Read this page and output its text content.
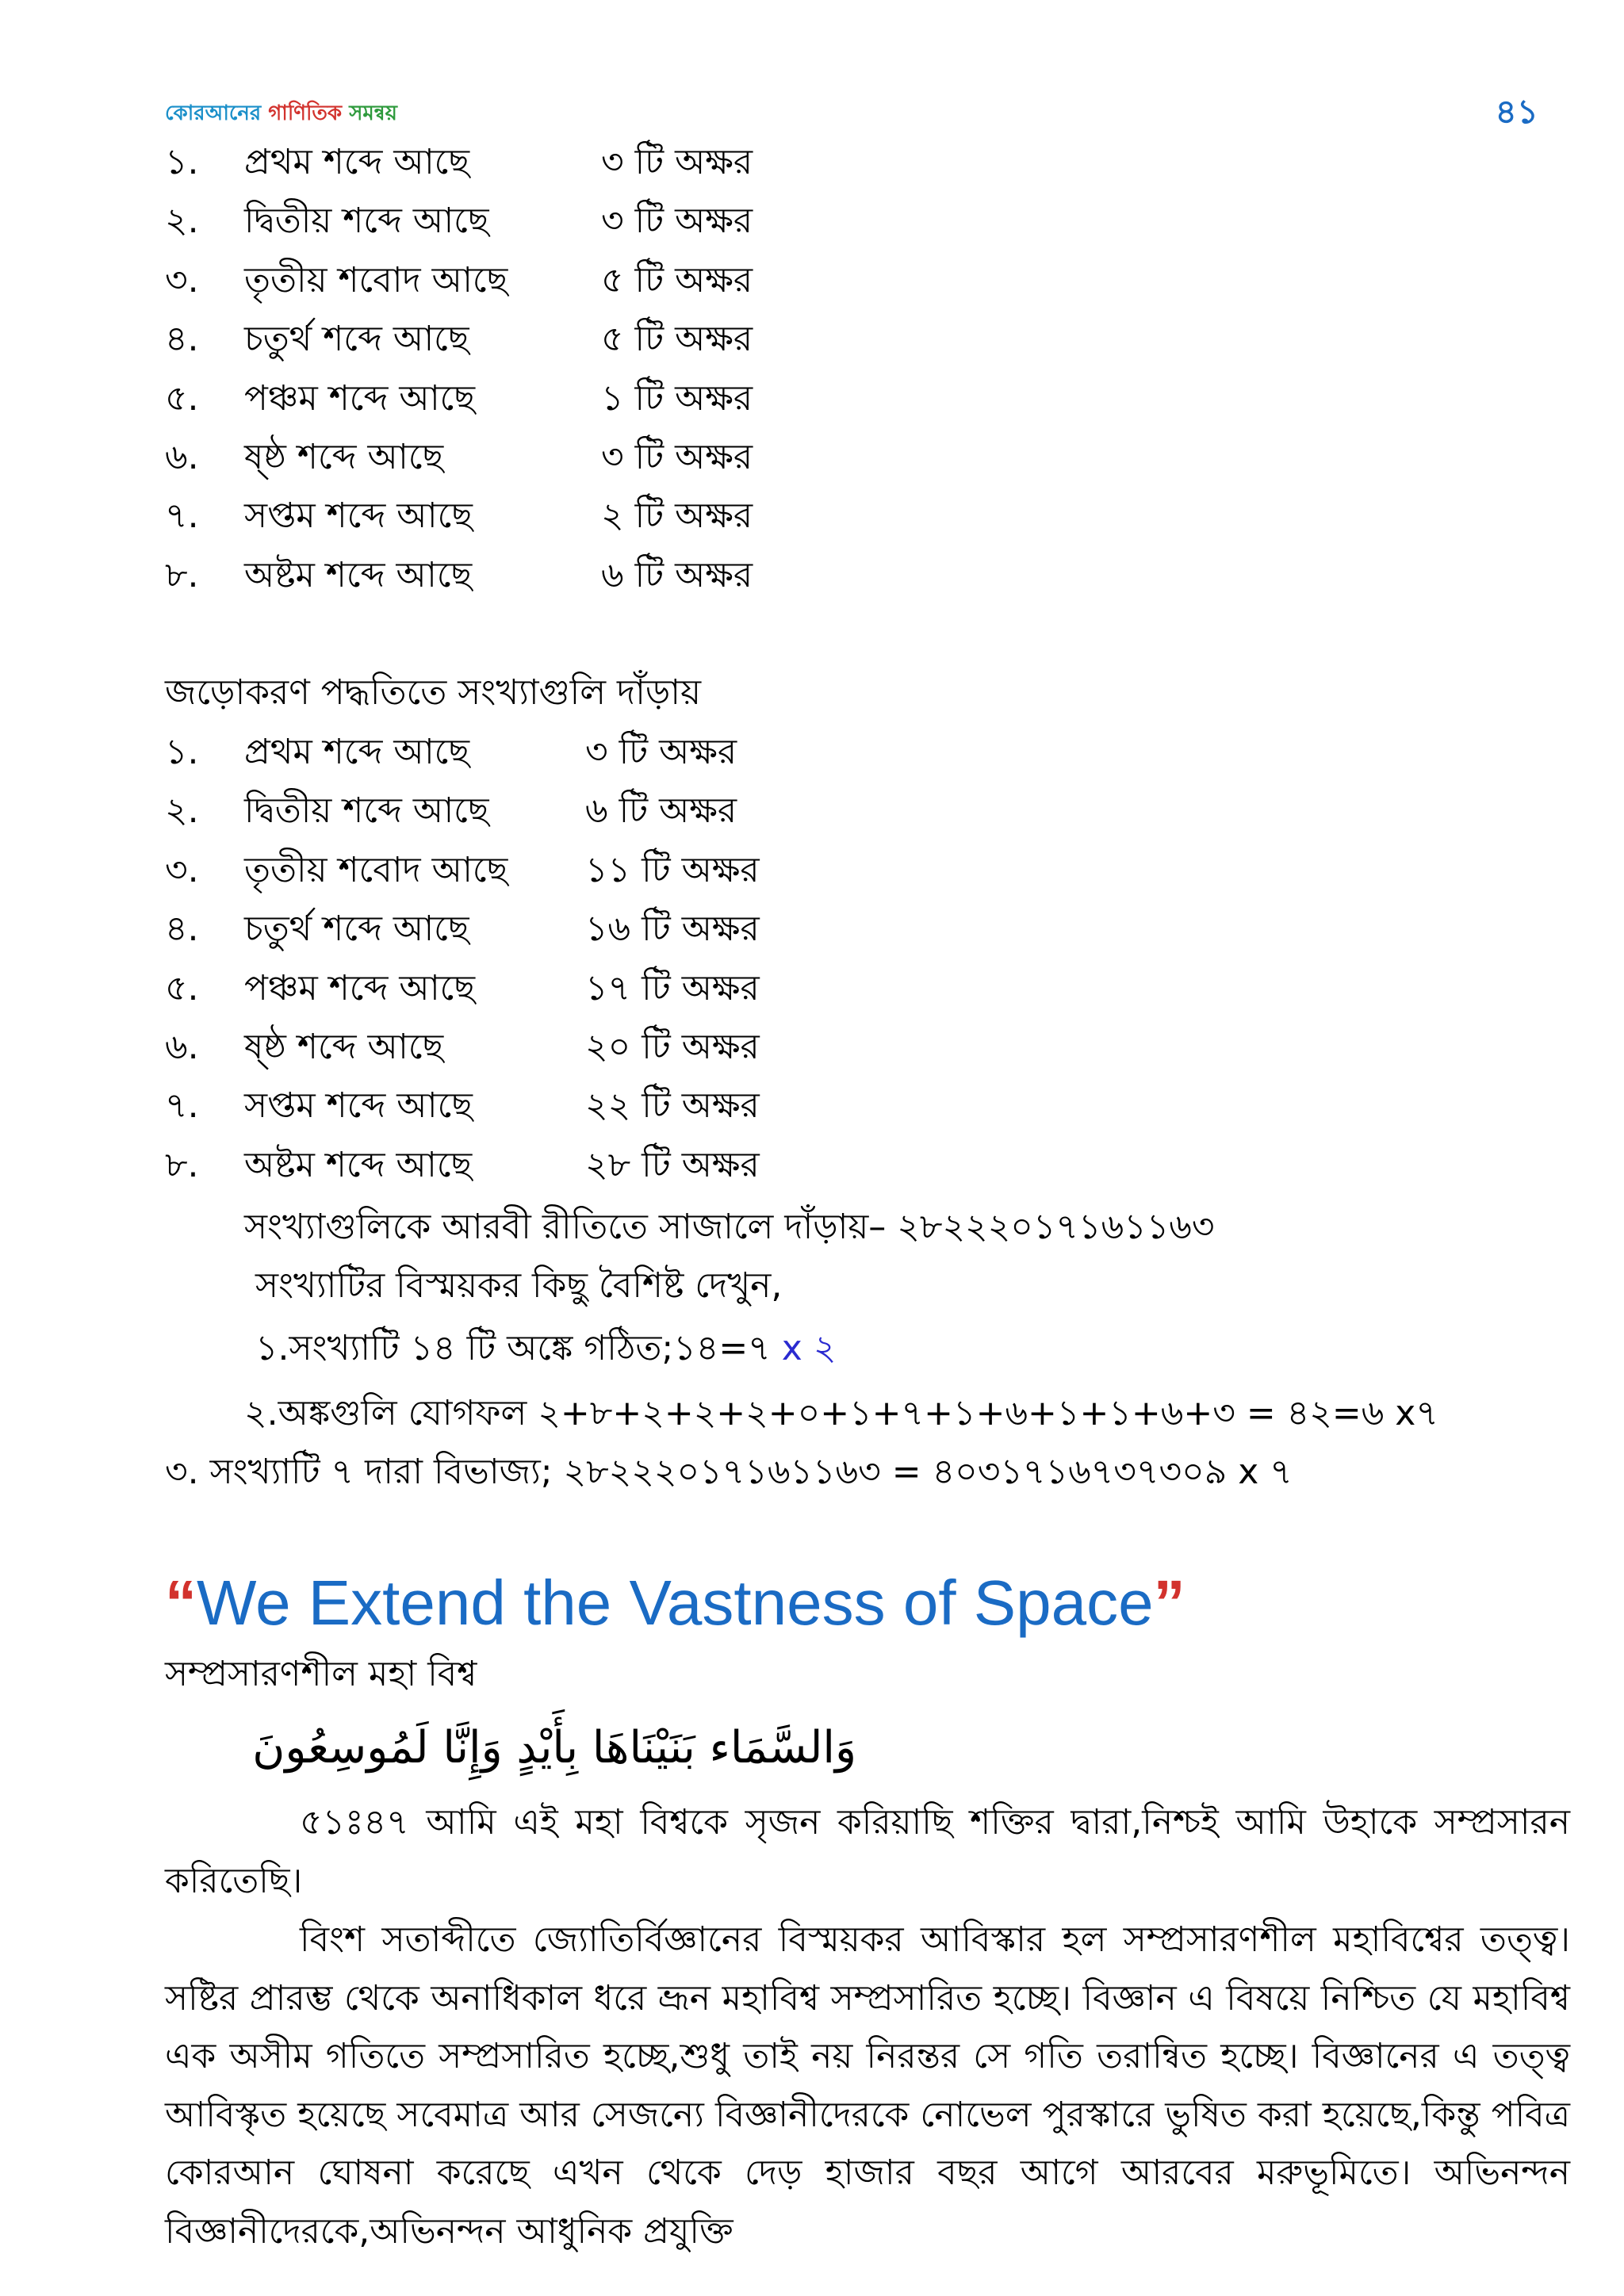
কোরআনের গাণিতিক সমন্বয়	৪১
১. প্রথম শব্দে আছে	৩ টি অক্ষর
২. দ্বিতীয় শব্দে আছে	৩ টি অক্ষর
৩. তৃতীয় শবোদ আছে	৫ টি অক্ষর
৪. চতুর্থ শব্দে আছে	৫ টি অক্ষর
৫. পঞ্চম শব্দে আছে	১ টি অক্ষর
৬. ষ্ষ্ঠ শব্দে আছে	৩ টি অক্ষর
৭. সপ্তম শব্দে আছে	২ টি অক্ষর
৮. অষ্টম শব্দে আছে	৬ টি অক্ষর
জড়োকরণ পদ্ধতিতে সংখ্যাগুলি দাঁড়ায়
১. প্রথম শব্দে আছে	৩ টি অক্ষর
২. দ্বিতীয় শব্দে আছে	৬ টি অক্ষর
৩. তৃতীয় শবোদ আছে ১১ টি অক্ষর
৪. চতুর্থ শব্দে আছে	১৬ টি অক্ষর
৫. পঞ্চম শব্দে আছে	১৭ টি অক্ষর
৬. ষ্ষ্ঠ শব্দে আছে	২০ টি অক্ষর
৭. সপ্তম শব্দে আছে	২২ টি অক্ষর
৮. অষ্টম শব্দে আছে	২৮ টি অক্ষর
সংখ্যাগুলিকে আরবী রীতিতে সাজালে দাঁড়ায়– ২৮২২২০১৭১৬১১৬৩
সংখ্যাটির বিস্ময়কর কিছু বৈশিষ্ট দেখুন,
১.সংখ্যাটি ১৪ টি অঙ্কে গঠিত;১৪=৭ x ২
২.অঙ্কগুলি যোগফল ২+৮+২+২+২+০+১+৭+১+৬+১+১+৬+৩ = ৪২=৬ x৭
৩. সংখ্যাটি ৭ দারা বিভাজ্য; ২৮২২২০১৭১৬১১৬৩ = ৪০৩১৭১৬৭৩৭৩০৯ x ৭
“We Extend the Vastness of Space”
সম্প্রসারণশীল মহা বিশ্ব
وَالسَّمَاء بَنَيْنَاهَا بِأَيْدٍ وَإِنَّا لَمُوسِعُونَ
৫১ঃ৪৭ আমি এই মহা বিশ্বকে সৃজন করিয়াছি শক্তির দ্বারা,নিশ্চই আমি উহাকে সম্প্রসারন করিতেছি।
বিংশ সতাব্দীতে জ্যোতির্বিজ্ঞানের বিস্ময়কর আবিস্কার হল সম্প্রসারণশীল মহাবিশ্বের তত্ত্ব। সষ্টির প্রারম্ভ থেকে অনাধিকাল ধরে ভ্রূন মহাবিশ্ব সম্প্রসারিত হচ্ছে। বিজ্ঞান এ বিষয়ে নিশ্চিত যে মহাবিশ্ব এক অসীম গতিতে সম্প্রসারিত হচ্ছে,শুধু তাই নয় নিরন্তর সে গতি তরান্বিত হচ্ছে। বিজ্ঞানের এ তত্ত্ব আবিস্কৃত হয়েছে সবেমাত্র আর সেজন্যে বিজ্ঞানীদেরকে নোভেল পুরস্কারে ভুষিত করা হয়েছে,কিন্তু পবিত্র কোরআন ঘোষনা করেছে এখন থেকে দেড় হাজার বছর আগে আরবের মরুভূমিতে। অভিনন্দন বিজ্ঞানীদেরকে,অভিনন্দন আধুনিক প্রযুক্তি
